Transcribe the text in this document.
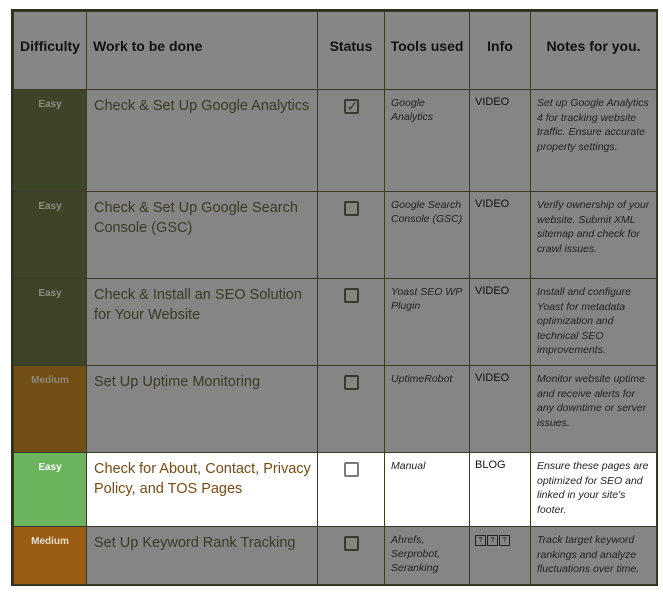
Difficulty	Work to be done	Status	Tools used	Info	Notes for you.
Easy	Check & Set Up Google Analytics	✓	Google Analytics	VIDEO	Set up Google Analytics 4 for tracking website traffic. Ensure accurate property settings.
Easy	Check & Set Up Google Search Console (GSC)		Google Search Console (GSC)	VIDEO	Verify ownership of your website. Submit XML sitemap and check for crawl issues.
Easy	Check & Install an SEO Solution for Your Website		Yoast SEO WP Plugin	VIDEO	Install and configure Yoast for metadata optimization and technical SEO improvements.
Medium	Set Up Uptime Monitoring		UptimeRobot	VIDEO	Monitor website uptime and receive alerts for any downtime or server issues.
Easy	Check for About, Contact, Privacy Policy, and TOS Pages		Manual	BLOG	Ensure these pages are optimized for SEO and linked in your site's footer.
Medium	Set Up Keyword Rank Tracking		Ahrefs, Serprobot, Seranking	? ? ?	Track target keyword rankings and analyze fluctuations over time.
